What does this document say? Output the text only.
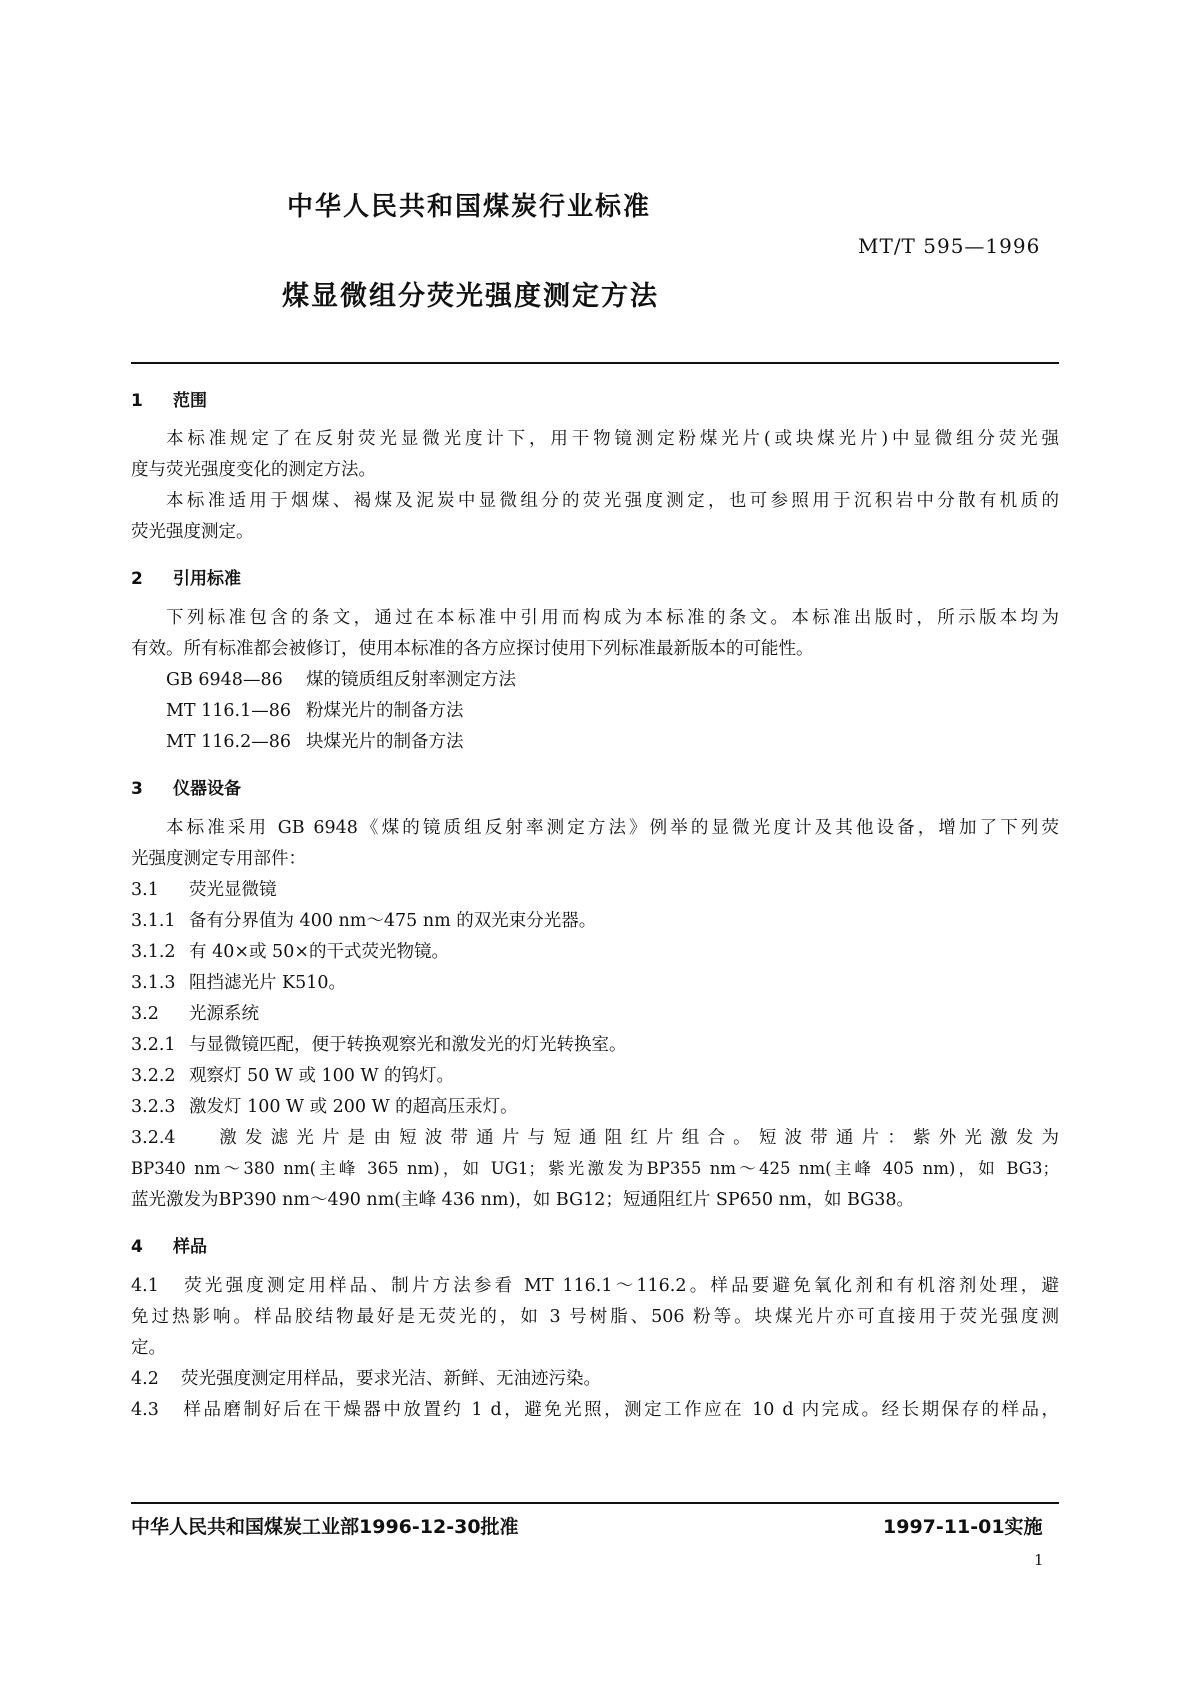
中华人民共和国煤炭行业标准
MT/T 595—1996
煤显微组分荧光强度测定方法
1 范围
本标准规定了在反射荧光显微光度计下，用干物镜测定粉煤光片(或块煤光片)中显微组分荧光强
度与荧光强度变化的测定方法。
本标准适用于烟煤、褐煤及泥炭中显微组分的荧光强度测定，也可参照用于沉积岩中分散有机质的
荧光强度测定。
2 引用标准
下列标准包含的条文，通过在本标准中引用而构成为本标准的条文。本标准出版时，所示版本均为
有效。所有标准都会被修订，使用本标准的各方应探讨使用下列标准最新版本的可能性。
GB 6948—86 煤的镜质组反射率测定方法
MT 116.1—86 粉煤光片的制备方法
MT 116.2—86 块煤光片的制备方法
3 仪器设备
本标准采用 GB 6948《煤的镜质组反射率测定方法》例举的显微光度计及其他设备，增加了下列荧
光强度测定专用部件：
3.1 荧光显微镜
3.1.1 备有分界值为 400 nm～475 nm 的双光束分光器。
3.1.2 有 40×或 50×的干式荧光物镜。
3.1.3 阻挡滤光片 K510。
3.2 光源系统
3.2.1 与显微镜匹配，便于转换观察光和激发光的灯光转换室。
3.2.2 观察灯 50 W 或 100 W 的钨灯。
3.2.3 激发灯 100 W 或 200 W 的超高压汞灯。
3.2.4 激发滤光片是由短波带通片与短通阻红片组合。短波带通片：紫外光激发为
BP340 nm～380 nm(主峰 365 nm)，如 UG1；紫光激发为BP355 nm～425 nm(主峰 405 nm)，如 BG3；
蓝光激发为BP390 nm～490 nm(主峰 436 nm)，如 BG12；短通阻红片 SP650 nm，如 BG38。
4 样品
4.1 荧光强度测定用样品、制片方法参看 MT 116.1～116.2。样品要避免氧化剂和有机溶剂处理，避
免过热影响。样品胶结物最好是无荧光的，如 3 号树脂、506 粉等。块煤光片亦可直接用于荧光强度测
定。
4.2 荧光强度测定用样品，要求光洁、新鲜、无油迹污染。
4.3 样品磨制好后在干燥器中放置约 1 d，避免光照，测定工作应在 10 d 内完成。经长期保存的样品，
中华人民共和国煤炭工业部1996-12-30批准	1997-11-01实施
1
